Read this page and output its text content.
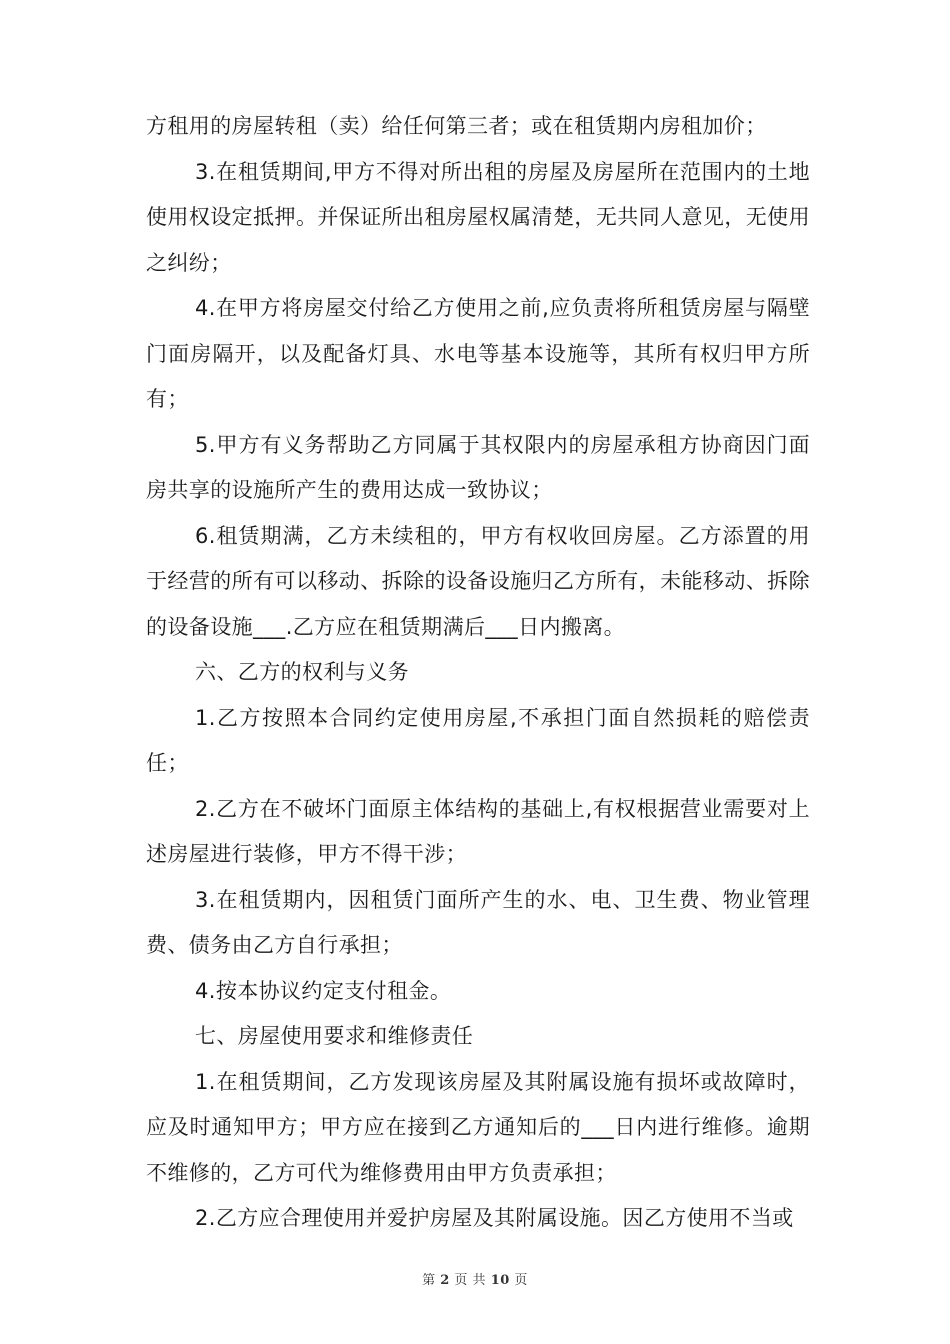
方租用的房屋转租（卖）给任何第三者；或在租赁期内房租加价；

3.在租赁期间,甲方不得对所出租的房屋及房屋所在范围内的土地使用权设定抵押。并保证所出租房屋权属清楚，无共同人意见，无使用之纠纷；

4.在甲方将房屋交付给乙方使用之前,应负责将所租赁房屋与隔壁门面房隔开，以及配备灯具、水电等基本设施等，其所有权归甲方所有；

5.甲方有义务帮助乙方同属于其权限内的房屋承租方协商因门面房共享的设施所产生的费用达成一致协议；

6.租赁期满，乙方未续租的，甲方有权收回房屋。乙方添置的用于经营的所有可以移动、拆除的设备设施归乙方所有，未能移动、拆除的设备设施___.乙方应在租赁期满后___日内搬离。

六、乙方的权利与义务

1.乙方按照本合同约定使用房屋,不承担门面自然损耗的赔偿责任；

2.乙方在不破坏门面原主体结构的基础上,有权根据营业需要对上述房屋进行装修，甲方不得干涉；

3.在租赁期内，因租赁门面所产生的水、电、卫生费、物业管理费、债务由乙方自行承担；

4.按本协议约定支付租金。

七、房屋使用要求和维修责任

1.在租赁期间，乙方发现该房屋及其附属设施有损坏或故障时，应及时通知甲方；甲方应在接到乙方通知后的___日内进行维修。逾期不维修的，乙方可代为维修费用由甲方负责承担；

2.乙方应合理使用并爱护房屋及其附属设施。因乙方使用不当或

第 2 页 共 10 页
